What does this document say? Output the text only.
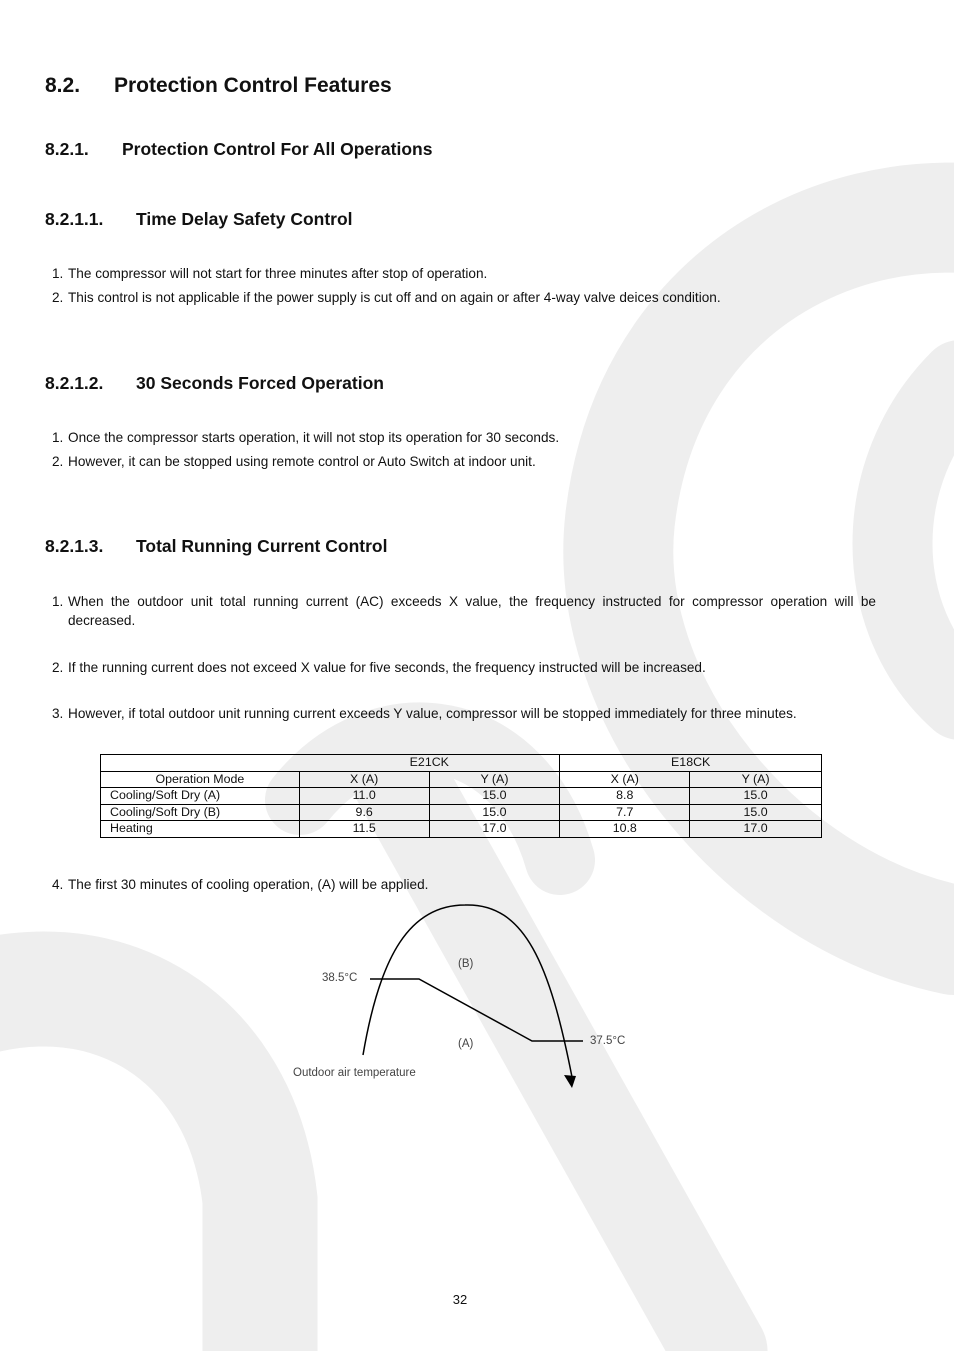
8.2. Protection Control Features
8.2.1. Protection Control For All Operations
8.2.1.1. Time Delay Safety Control
1. The compressor will not start for three minutes after stop of operation.
2. This control is not applicable if the power supply is cut off and on again or after 4-way valve deices condition.
8.2.1.2. 30 Seconds Forced Operation
1. Once the compressor starts operation, it will not stop its operation for 30 seconds.
2. However, it can be stopped using remote control or Auto Switch at indoor unit.
8.2.1.3. Total Running Current Control
1. When the outdoor unit total running current (AC) exceeds X value, the frequency instructed for compressor operation will be decreased.
2. If the running current does not exceed X value for five seconds, the frequency instructed will be increased.
3. However, if total outdoor unit running current exceeds Y value, compressor will be stopped immediately for three minutes.
	E21CK		E18CK	
Operation Mode	X (A)	Y (A)	X (A)	Y (A)
Cooling/Soft Dry (A)	11.0	15.0	8.8	15.0
Cooling/Soft Dry (B)	9.6	15.0	7.7	15.0
Heating	11.5	17.0	10.8	17.0
4. The first 30 minutes of cooling operation, (A) will be applied.
(B)
(A)
38.5°C
37.5°C
Outdoor air temperature
32
